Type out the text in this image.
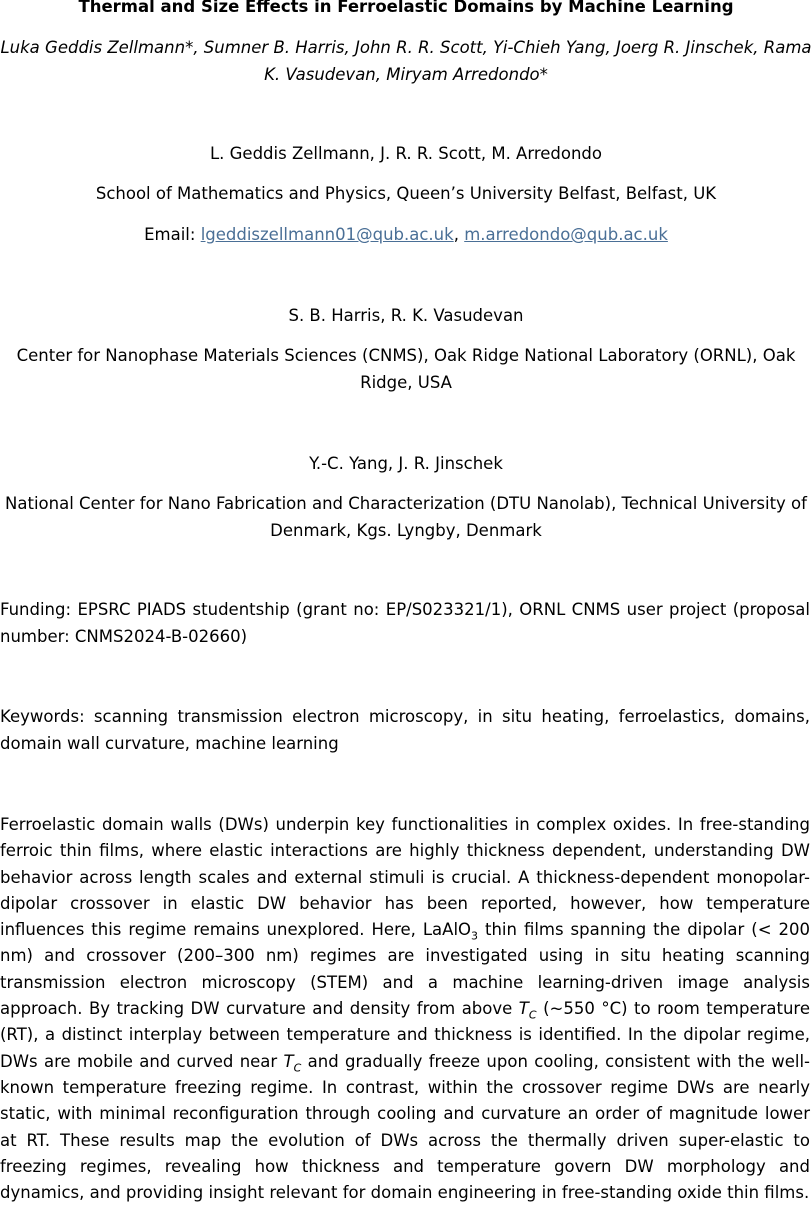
Thermal and Size Effects in Ferroelastic Domains by Machine Learning
Luka Geddis Zellmann*, Sumner B. Harris, John R. R. Scott, Yi-Chieh Yang, Joerg R. Jinschek, Rama K. Vasudevan, Miryam Arredondo*
L. Geddis Zellmann, J. R. R. Scott, M. Arredondo
School of Mathematics and Physics, Queen’s University Belfast, Belfast, UK
Email: lgeddiszellmann01@qub.ac.uk, m.arredondo@qub.ac.uk
S. B. Harris, R. K. Vasudevan
Center for Nanophase Materials Sciences (CNMS), Oak Ridge National Laboratory (ORNL), Oak Ridge, USA
Y.-C. Yang, J. R. Jinschek
National Center for Nano Fabrication and Characterization (DTU Nanolab), Technical University of Denmark, Kgs. Lyngby, Denmark
Funding: EPSRC PIADS studentship (grant no: EP/S023321/1), ORNL CNMS user project (proposal number: CNMS2024-B-02660)
Keywords: scanning transmission electron microscopy, in situ heating, ferroelastics, domains, domain wall curvature, machine learning
Ferroelastic domain walls (DWs) underpin key functionalities in complex oxides. In free-standing ferroic thin films, where elastic interactions are highly thickness dependent, understanding DW behavior across length scales and external stimuli is crucial. A thickness-dependent monopolar-dipolar crossover in elastic DW behavior has been reported, however, how temperature influences this regime remains unexplored. Here, LaAlO$_3$ thin films spanning the dipolar (< 200 nm) and crossover (200–300 nm) regimes are investigated using in situ heating scanning transmission electron microscopy (STEM) and a machine learning-driven image analysis approach. By tracking DW curvature and density from above $T_C$ (~550 °C) to room temperature (RT), a distinct interplay between temperature and thickness is identified. In the dipolar regime, DWs are mobile and curved near $T_C$ and gradually freeze upon cooling, consistent with the well-known temperature freezing regime. In contrast, within the crossover regime DWs are nearly static, with minimal reconfiguration through cooling and curvature an order of magnitude lower at RT. These results map the evolution of DWs across the thermally driven super-elastic to freezing regimes, revealing how thickness and temperature govern DW morphology and dynamics, and providing insight relevant for domain engineering in free-standing oxide thin films.
